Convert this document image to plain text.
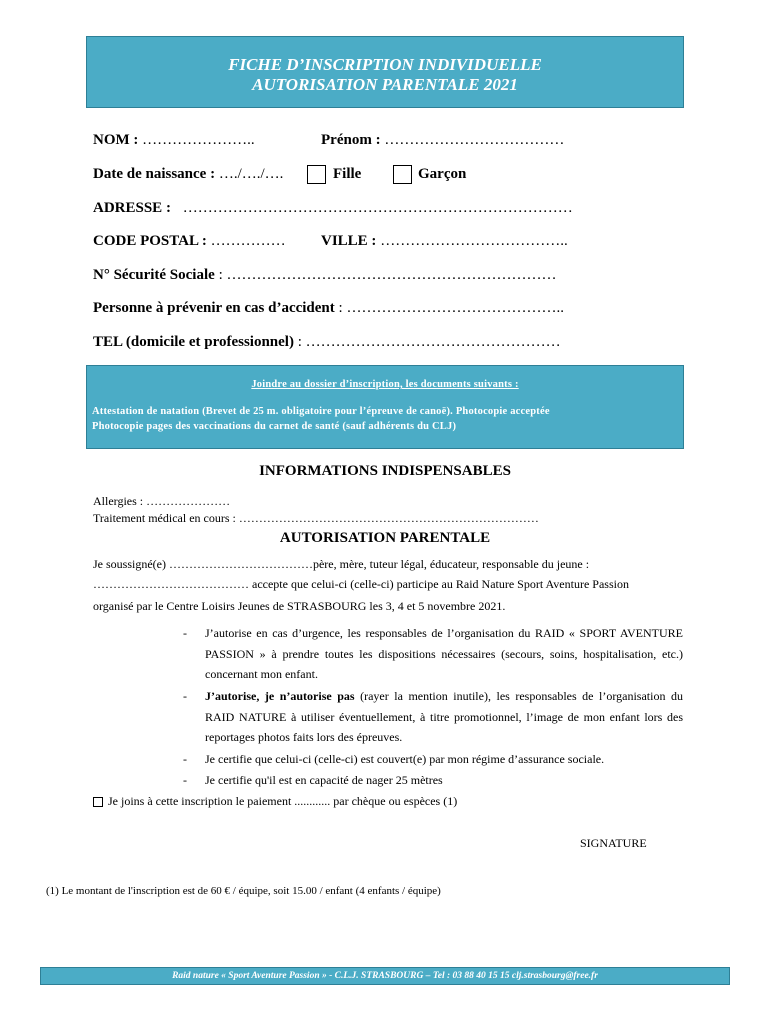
FICHE D’INSCRIPTION INDIVIDUELLE
AUTORISATION PARENTALE 2021
NOM : …………………..	Prénom : ………………………………
Date de naissance : …./…./….	Fille	Garçon
ADRESSE : ……………………………………………………………………
CODE POSTAL : …………… VILLE : ………………………………..
N° Sécurité Sociale : …………………………………………………………
Personne à prévenir en cas d’accident : ……………………………………..
TEL (domicile et professionnel) : ……………………………………………
Joindre au dossier d’inscription, les documents suivants :
Attestation de natation (Brevet de 25 m. obligatoire pour l’épreuve de canoë). Photocopie acceptée
Photocopie pages des vaccinations du carnet de santé (sauf adhérents du CLJ)
INFORMATIONS INDISPENSABLES
Allergies : …………………
Traitement médical en cours : …………………………………………………………………
AUTORISATION PARENTALE
Je soussigné(e) ………………………………père, mère, tuteur légal, éducateur, responsable du jeune :
………………………………… accepte que celui-ci (celle-ci) participe au Raid Nature Sport Aventure Passion
organisé par le Centre Loisirs Jeunes de STRASBOURG les 3, 4 et 5 novembre 2021.
- J’autorise en cas d’urgence, les responsables de l’organisation du RAID « SPORT AVENTURE PASSION » à prendre toutes les dispositions nécessaires (secours, soins, hospitalisation, etc.) concernant mon enfant.
- J’autorise, je n’autorise pas (rayer la mention inutile), les responsables de l’organisation du RAID NATURE à utiliser éventuellement, à titre promotionnel, l’image de mon enfant lors des reportages photos faits lors des épreuves.
- Je certifie que celui-ci (celle-ci) est couvert(e) par mon régime d’assurance sociale.
- Je certifie qu'il est en capacité de nager 25 mètres
Je joins à cette inscription le paiement ............ par chèque ou espèces (1)
SIGNATURE
(1) Le montant de l'inscription est de 60 € / équipe, soit 15.00 / enfant (4 enfants / équipe)
Raid nature « Sport Aventure Passion » - C.L.J. STRASBOURG – Tel : 03 88 40 15 15 clj.strasbourg@free.fr
